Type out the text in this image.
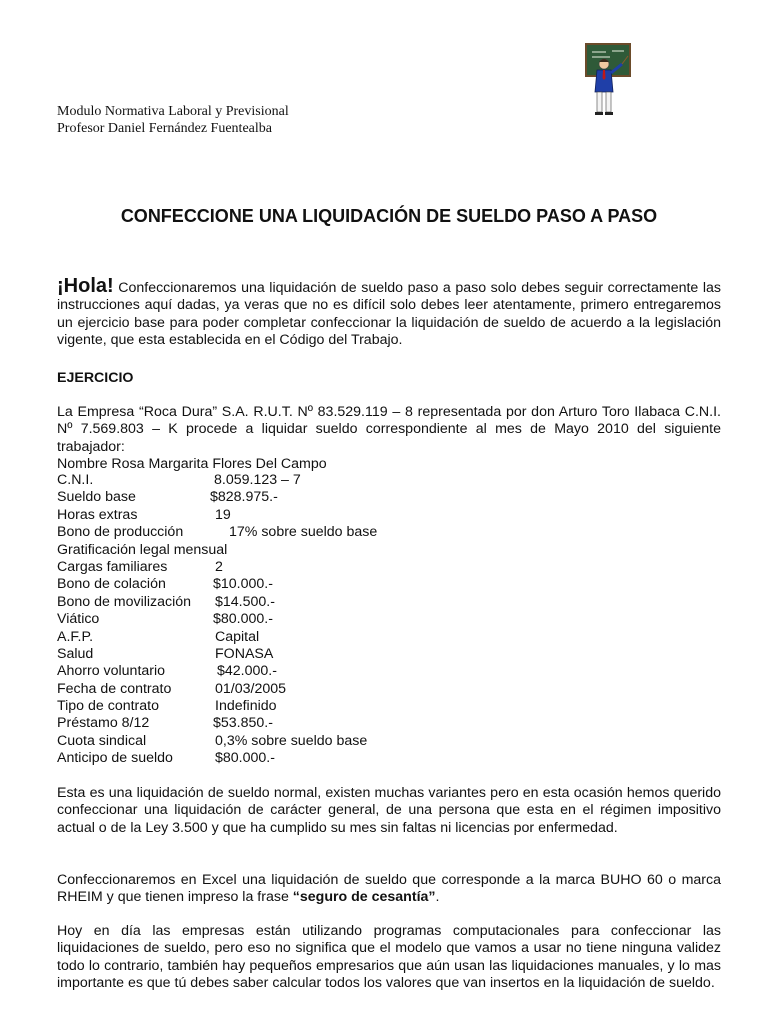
Modulo Normativa Laboral y Previsional
Profesor Daniel Fernández Fuentealba
CONFECCIONE UNA LIQUIDACIÓN DE SUELDO PASO A PASO
¡Hola! Confeccionaremos una liquidación de sueldo paso a paso solo debes seguir correctamente las instrucciones aquí dadas, ya veras que no es difícil solo debes leer atentamente, primero entregaremos un ejercicio base para poder completar confeccionar la liquidación de sueldo de acuerdo a la legislación vigente, que esta establecida en el Código del Trabajo.
EJERCICIO
La Empresa “Roca Dura” S.A. R.U.T. Nº 83.529.119 – 8 representada por don Arturo Toro Ilabaca C.N.I. Nº 7.569.803 – K procede a liquidar sueldo correspondiente al mes de Mayo 2010 del siguiente trabajador:
Nombre Rosa Margarita Flores Del Campo
C.N.I.	8.059.123 – 7
Sueldo base	$828.975.-
Horas extras	19
Bono de producción	17% sobre sueldo base
Gratificación legal mensual
Cargas familiares	2
Bono de colación	$10.000.-
Bono de movilización $14.500.-
Viático	$80.000.-
A.F.P.	Capital
Salud	FONASA
Ahorro voluntario	$42.000.-
Fecha de contrato	01/03/2005
Tipo de contrato	Indefinido
Préstamo 8/12	$53.850.-
Cuota sindical	0,3% sobre sueldo base
Anticipo de sueldo	$80.000.-
Esta es una liquidación de sueldo normal, existen muchas variantes pero en esta ocasión hemos querido confeccionar una liquidación de carácter general, de una persona que esta en el régimen impositivo actual o de la Ley 3.500 y que ha cumplido su mes sin faltas ni licencias por enfermedad.
Confeccionaremos en Excel una liquidación de sueldo que corresponde a la marca BUHO 60 o marca RHEIM y que tienen impreso la frase “seguro de cesantía”.
Hoy en día las empresas están utilizando programas computacionales para confeccionar las liquidaciones de sueldo, pero eso no significa que el modelo que vamos a usar no tiene ninguna validez todo lo contrario, también hay pequeños empresarios que aún usan las liquidaciones manuales, y lo mas importante es que tú debes saber calcular todos los valores que van insertos en la liquidación de sueldo.
